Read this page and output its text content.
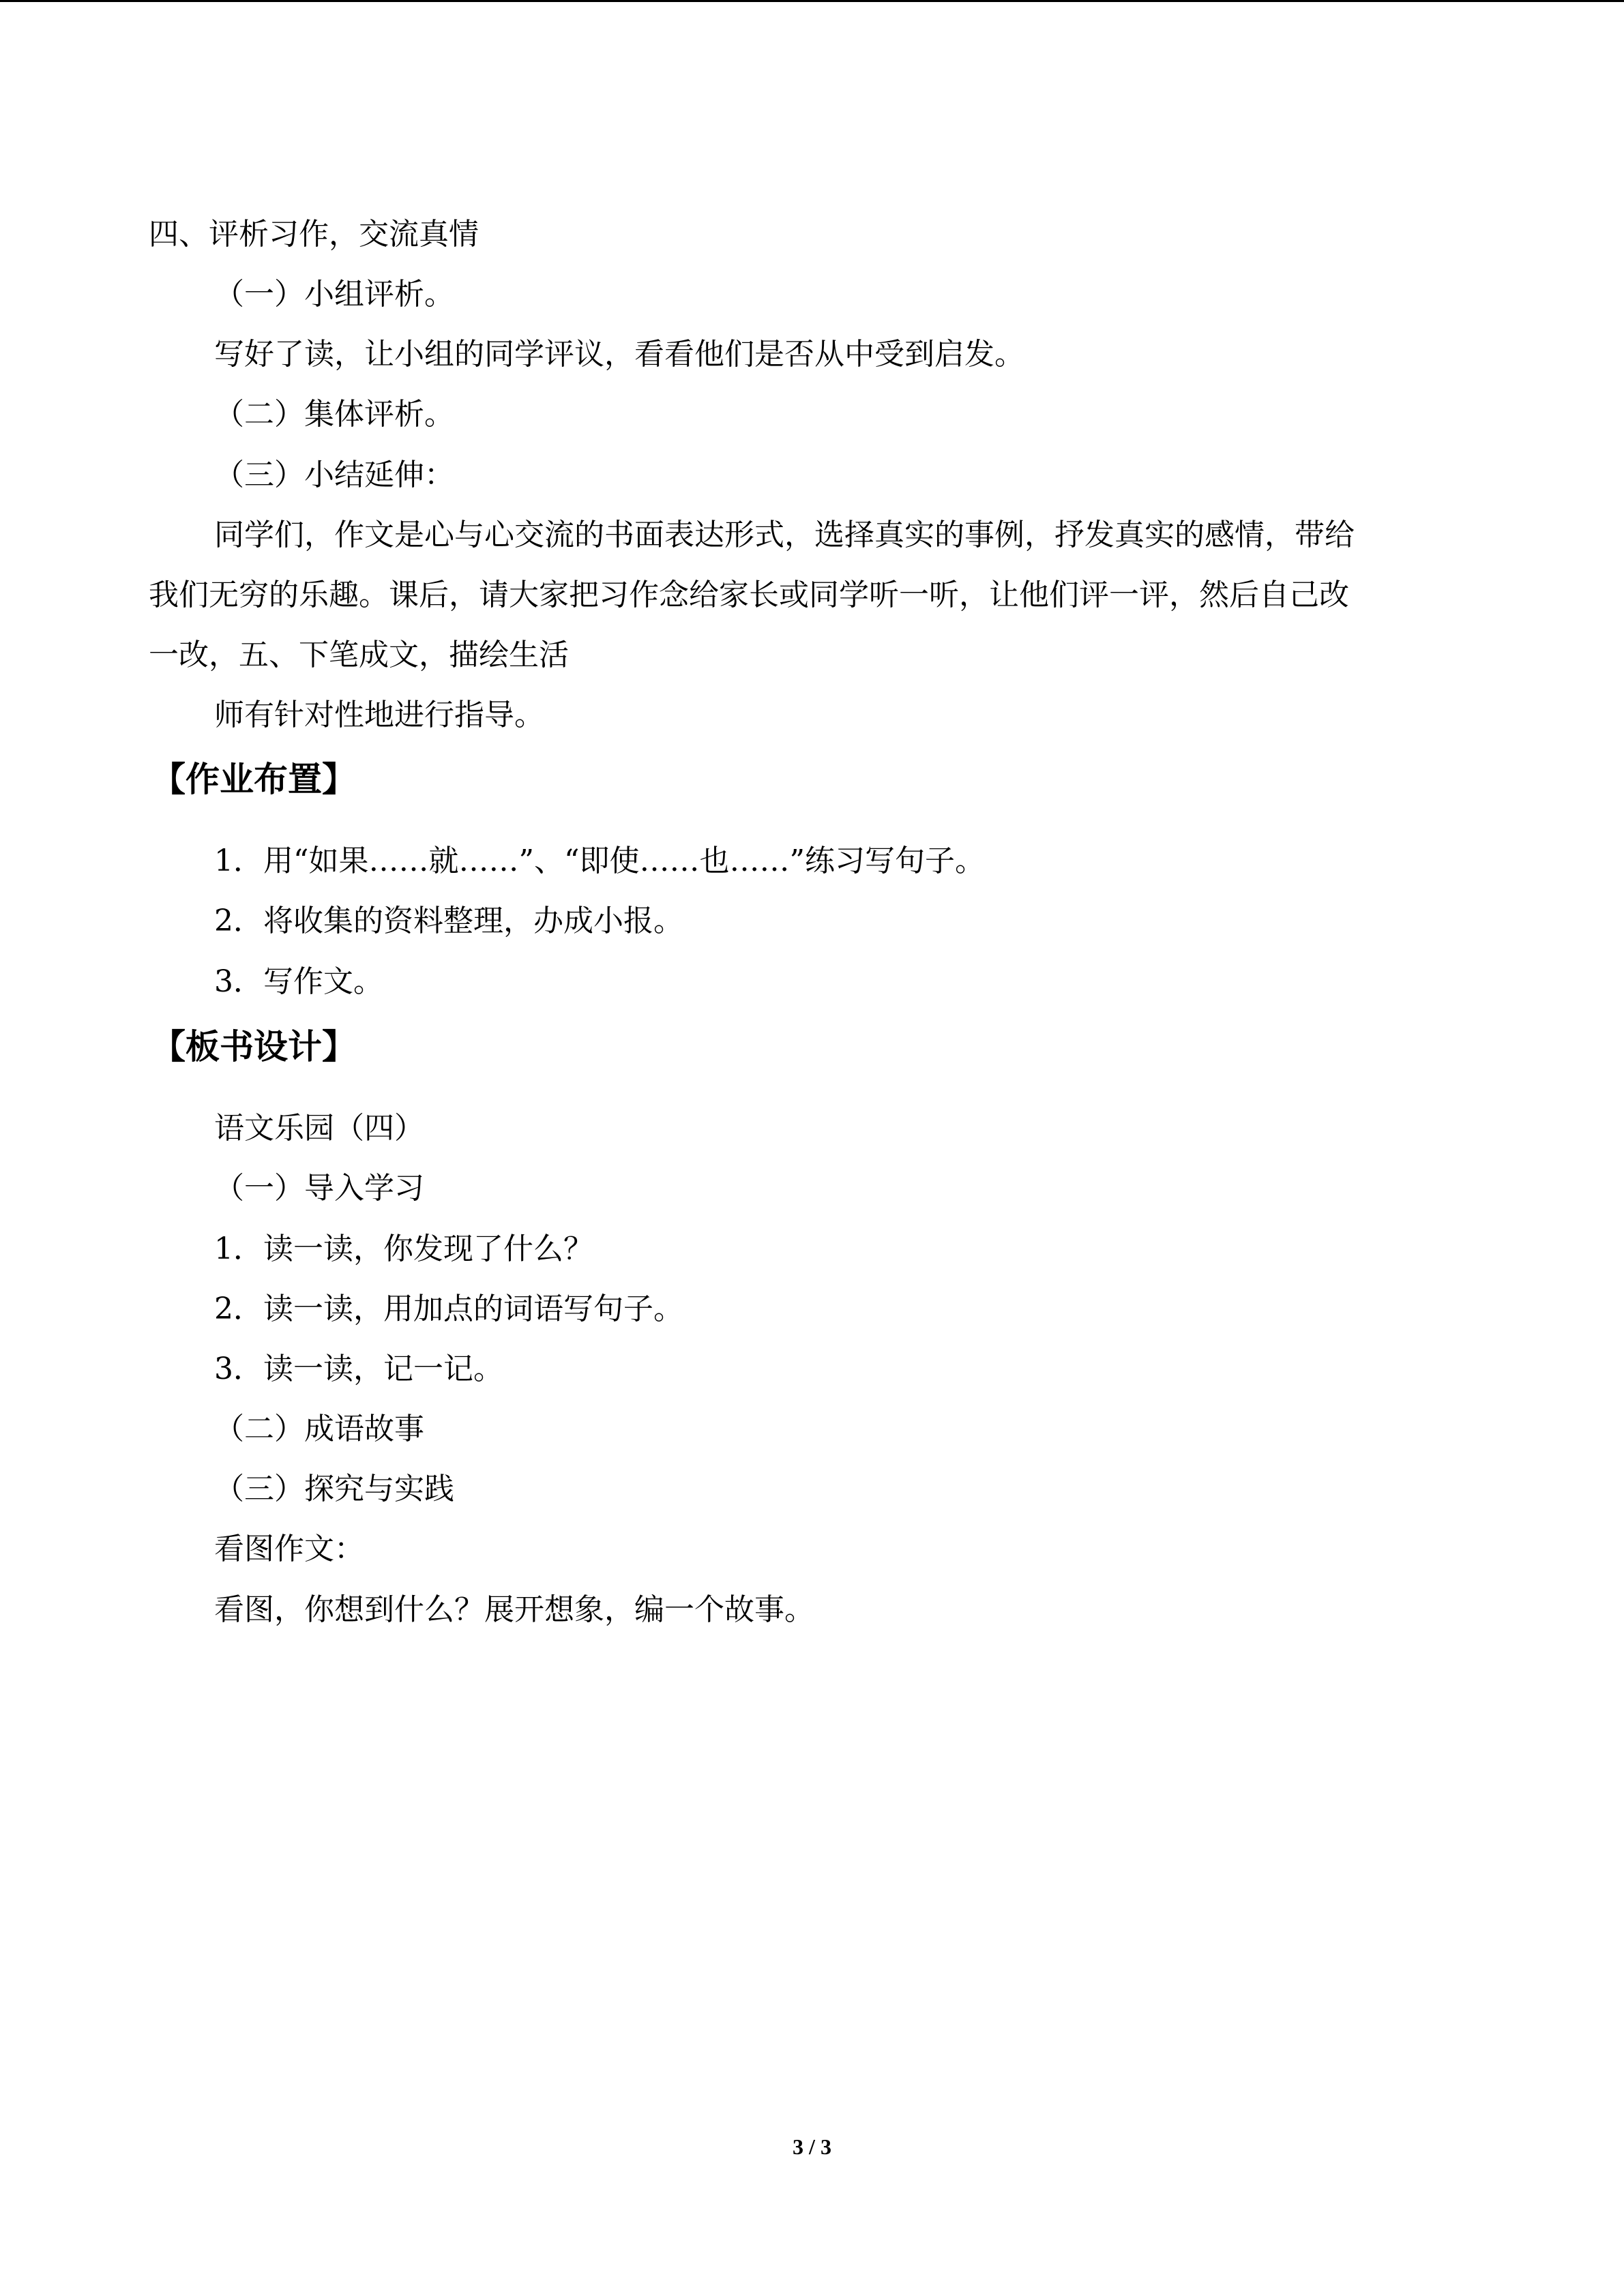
四、评析习作，交流真情
（一）小组评析。
写好了读，让小组的同学评议，看看他们是否从中受到启发。
（二）集体评析。
（三）小结延伸：
同学们，作文是心与心交流的书面表达形式，选择真实的事例，抒发真实的感情，带给
我们无穷的乐趣。课后，请大家把习作念给家长或同学听一听，让他们评一评，然后自己改
一改，五、下笔成文，描绘生活
师有针对性地进行指导。
【作业布置】
1．用“如果……就……”、“即使……也……”练习写句子。
2．将收集的资料整理，办成小报。
3．写作文。
【板书设计】
语文乐园（四）
（一）导入学习
1．读一读，你发现了什么？
2．读一读，用加点的词语写句子。
3．读一读，记一记。
（二）成语故事
（三）探究与实践
看图作文：
看图，你想到什么？展开想象，编一个故事。
3 / 3
